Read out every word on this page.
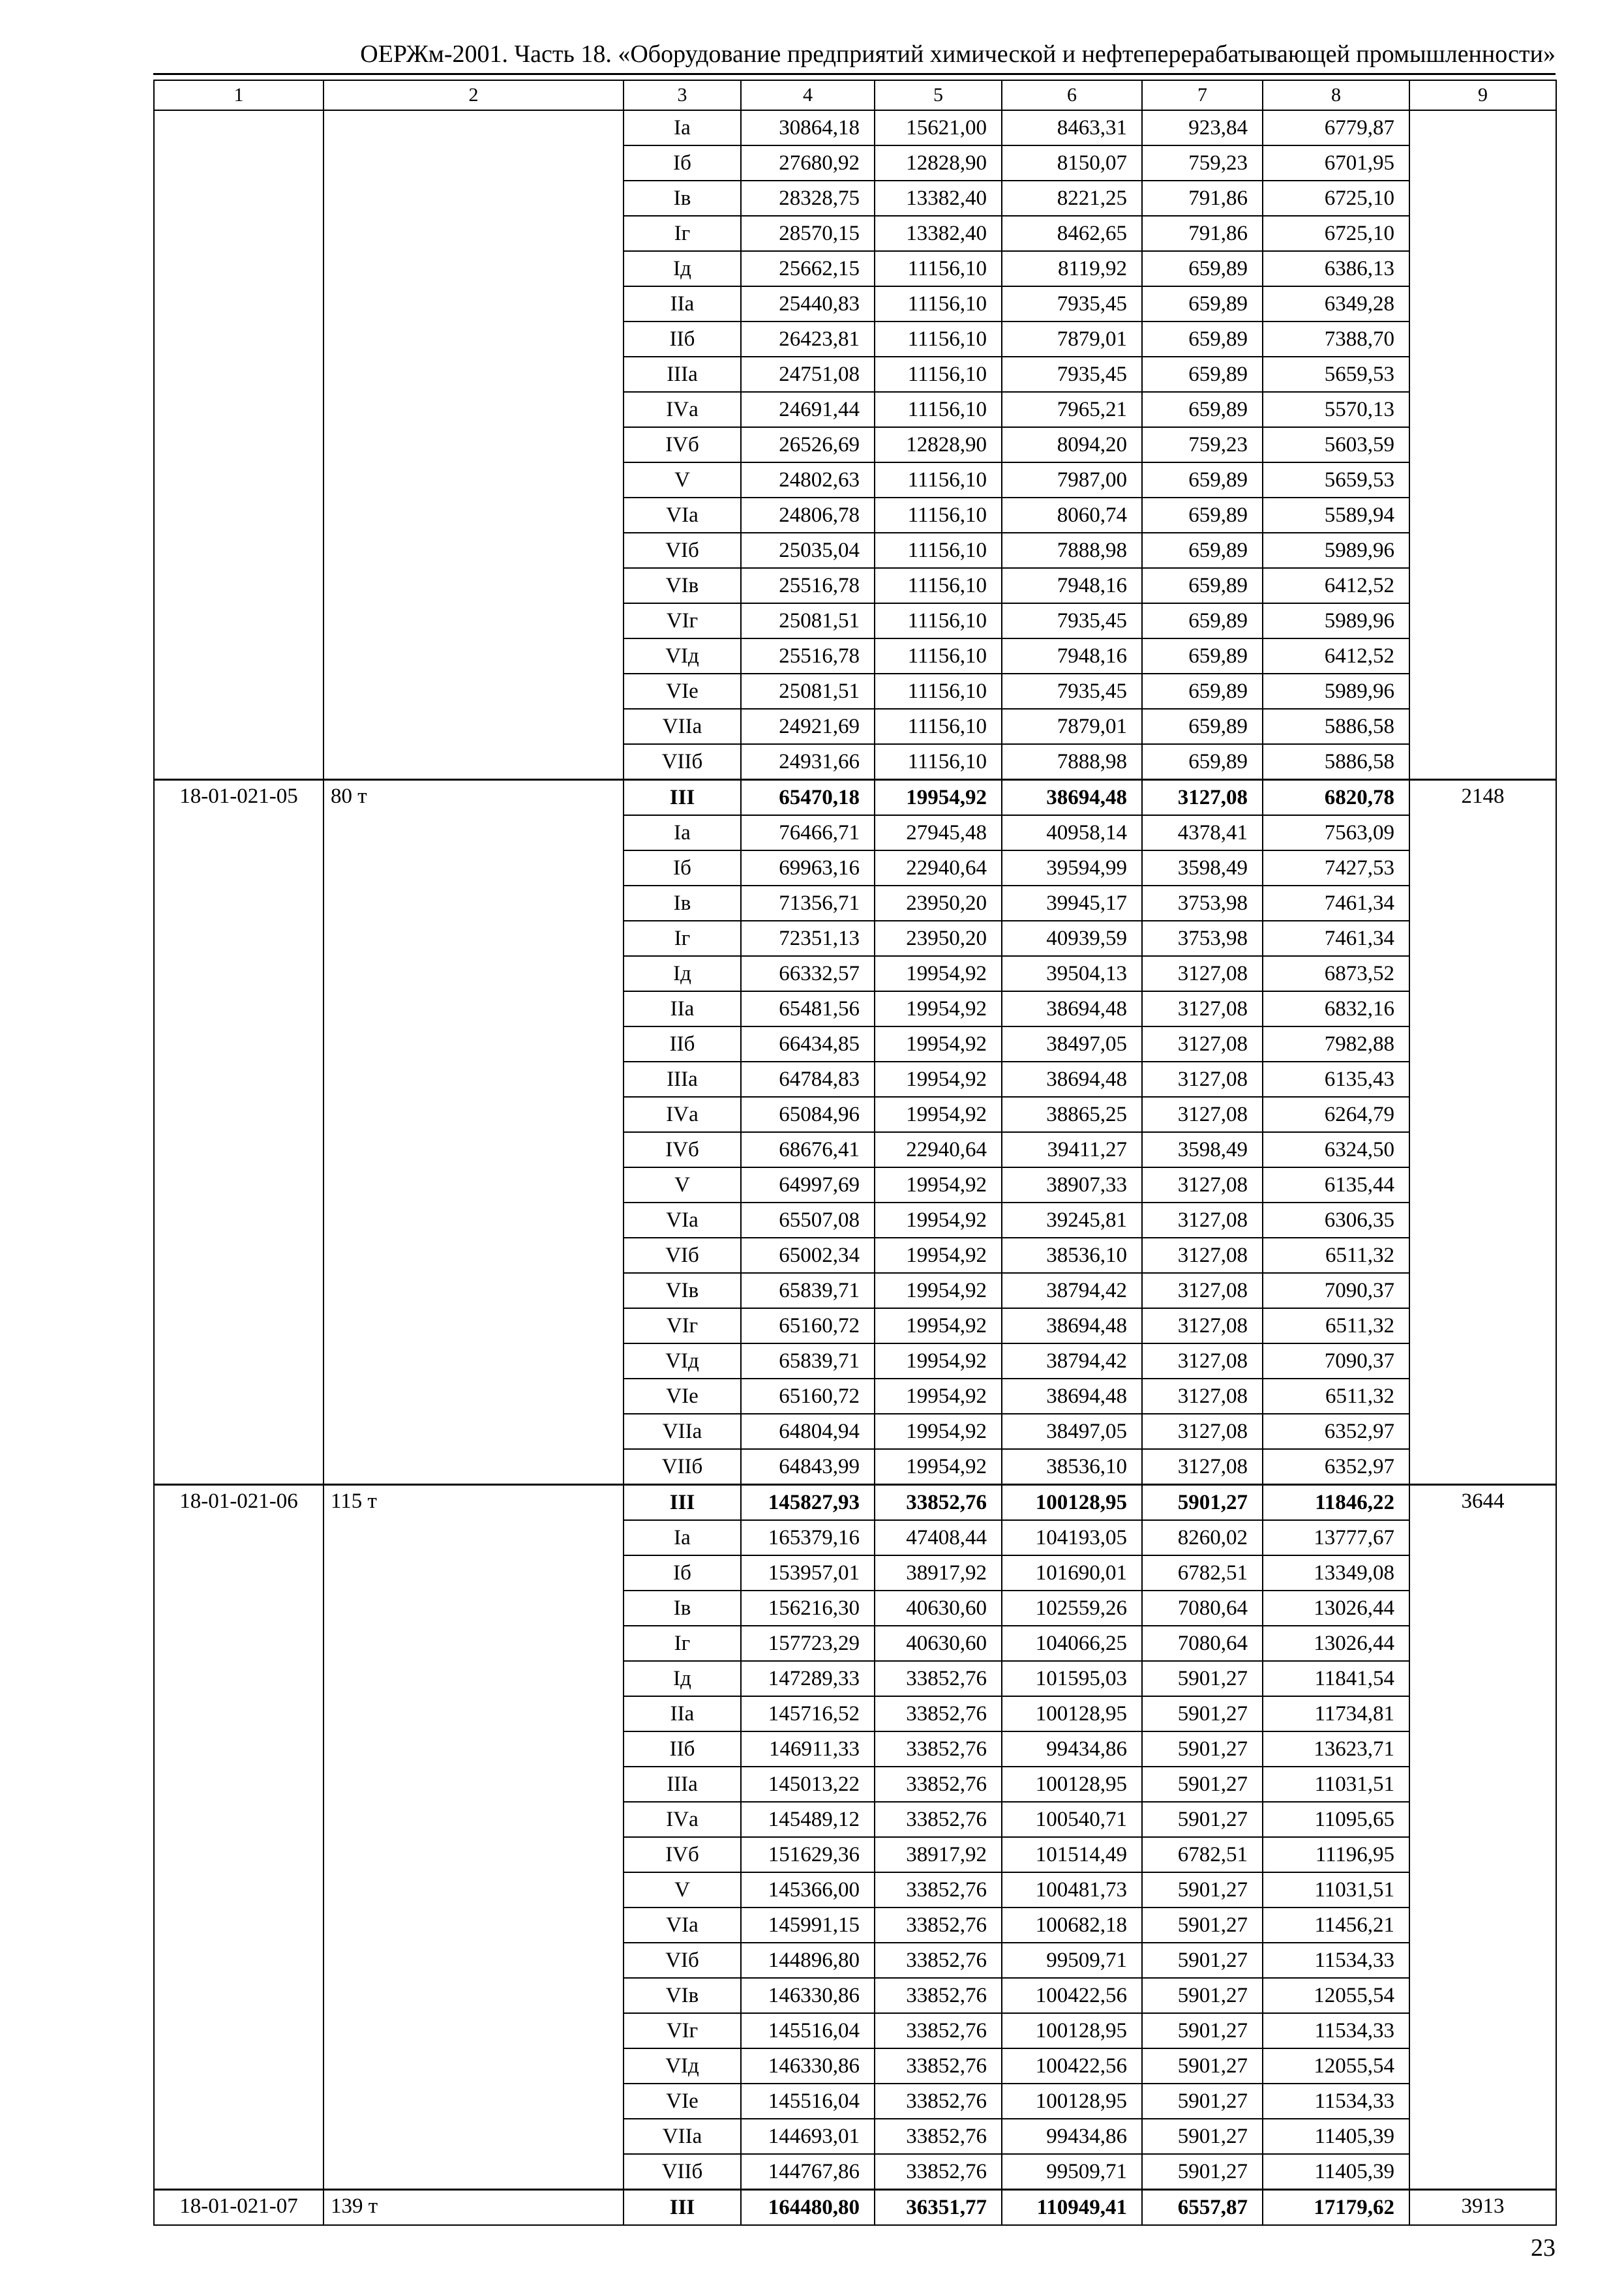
ОЕРЖм-2001. Часть 18. «Оборудование предприятий химической и нефтеперерабатывающей промышленности»
1	2	3	4	5	6	7	8	9
		Iа	30864,18	15621,00	8463,31	923,84	6779,87	
		Iб	27680,92	12828,90	8150,07	759,23	6701,95	
		Iв	28328,75	13382,40	8221,25	791,86	6725,10	
		Iг	28570,15	13382,40	8462,65	791,86	6725,10	
		Iд	25662,15	11156,10	8119,92	659,89	6386,13	
		IIа	25440,83	11156,10	7935,45	659,89	6349,28	
		IIб	26423,81	11156,10	7879,01	659,89	7388,70	
		IIIа	24751,08	11156,10	7935,45	659,89	5659,53	
		IVа	24691,44	11156,10	7965,21	659,89	5570,13	
		IVб	26526,69	12828,90	8094,20	759,23	5603,59	
		V	24802,63	11156,10	7987,00	659,89	5659,53	
		VIа	24806,78	11156,10	8060,74	659,89	5589,94	
		VIб	25035,04	11156,10	7888,98	659,89	5989,96	
		VIв	25516,78	11156,10	7948,16	659,89	6412,52	
		VIг	25081,51	11156,10	7935,45	659,89	5989,96	
		VIд	25516,78	11156,10	7948,16	659,89	6412,52	
		VIе	25081,51	11156,10	7935,45	659,89	5989,96	
		VIIа	24921,69	11156,10	7879,01	659,89	5886,58	
		VIIб	24931,66	11156,10	7888,98	659,89	5886,58	
18-01-021-05	80 т	III	65470,18	19954,92	38694,48	3127,08	6820,78	2148
		Iа	76466,71	27945,48	40958,14	4378,41	7563,09	
		Iб	69963,16	22940,64	39594,99	3598,49	7427,53	
		Iв	71356,71	23950,20	39945,17	3753,98	7461,34	
		Iг	72351,13	23950,20	40939,59	3753,98	7461,34	
		Iд	66332,57	19954,92	39504,13	3127,08	6873,52	
		IIа	65481,56	19954,92	38694,48	3127,08	6832,16	
		IIб	66434,85	19954,92	38497,05	3127,08	7982,88	
		IIIа	64784,83	19954,92	38694,48	3127,08	6135,43	
		IVа	65084,96	19954,92	38865,25	3127,08	6264,79	
		IVб	68676,41	22940,64	39411,27	3598,49	6324,50	
		V	64997,69	19954,92	38907,33	3127,08	6135,44	
		VIа	65507,08	19954,92	39245,81	3127,08	6306,35	
		VIб	65002,34	19954,92	38536,10	3127,08	6511,32	
		VIв	65839,71	19954,92	38794,42	3127,08	7090,37	
		VIг	65160,72	19954,92	38694,48	3127,08	6511,32	
		VIд	65839,71	19954,92	38794,42	3127,08	7090,37	
		VIе	65160,72	19954,92	38694,48	3127,08	6511,32	
		VIIа	64804,94	19954,92	38497,05	3127,08	6352,97	
		VIIб	64843,99	19954,92	38536,10	3127,08	6352,97	
18-01-021-06	115 т	III	145827,93	33852,76	100128,95	5901,27	11846,22	3644
		Iа	165379,16	47408,44	104193,05	8260,02	13777,67	
		Iб	153957,01	38917,92	101690,01	6782,51	13349,08	
		Iв	156216,30	40630,60	102559,26	7080,64	13026,44	
		Iг	157723,29	40630,60	104066,25	7080,64	13026,44	
		Iд	147289,33	33852,76	101595,03	5901,27	11841,54	
		IIа	145716,52	33852,76	100128,95	5901,27	11734,81	
		IIб	146911,33	33852,76	99434,86	5901,27	13623,71	
		IIIа	145013,22	33852,76	100128,95	5901,27	11031,51	
		IVа	145489,12	33852,76	100540,71	5901,27	11095,65	
		IVб	151629,36	38917,92	101514,49	6782,51	11196,95	
		V	145366,00	33852,76	100481,73	5901,27	11031,51	
		VIа	145991,15	33852,76	100682,18	5901,27	11456,21	
		VIб	144896,80	33852,76	99509,71	5901,27	11534,33	
		VIв	146330,86	33852,76	100422,56	5901,27	12055,54	
		VIг	145516,04	33852,76	100128,95	5901,27	11534,33	
		VIд	146330,86	33852,76	100422,56	5901,27	12055,54	
		VIе	145516,04	33852,76	100128,95	5901,27	11534,33	
		VIIа	144693,01	33852,76	99434,86	5901,27	11405,39	
		VIIб	144767,86	33852,76	99509,71	5901,27	11405,39	
18-01-021-07	139 т	III	164480,80	36351,77	110949,41	6557,87	17179,62	3913
23
